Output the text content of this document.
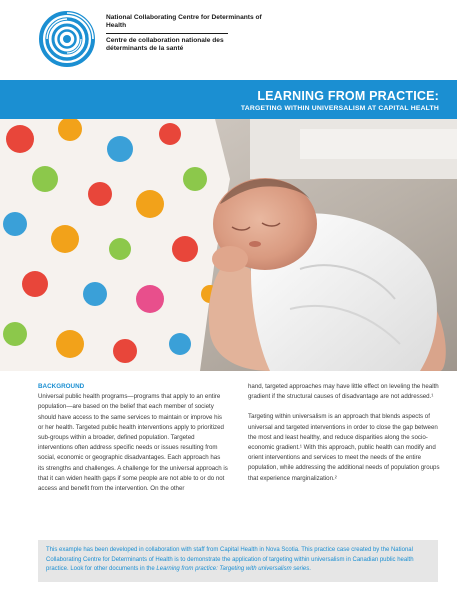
National Collaborating Centre for Determinants of Health
Centre de collaboration nationale des déterminants de la santé
LEARNING FROM PRACTICE:
TARGETING WITHIN UNIVERSALISM AT CAPITAL HEALTH
BACKGROUND

Universal public health programs—programs that apply to an entire population—are based on the belief that each member of society should have access to the same services to maintain or improve his or her health. Targeted public health interventions apply to prioritized sub-groups within a broader, defined population. Targeted interventions often address specific needs or issues resulting from social, economic or geographic disadvantages. Each approach has its strengths and challenges. A challenge for the universal approach is that it can widen health gaps if some people are not able to or do not access and benefit from the intervention. On the other

hand, targeted approaches may have little effect on leveling the health gradient if the structural causes of disadvantage are not addressed.¹

Targeting within universalism is an approach that blends aspects of universal and targeted interventions in order to close the gap between the most and least healthy, and reduce disparities along the socio-economic gradient.¹ With this approach, public health can modify and orient interventions and services to meet the needs of the entire population, while addressing the additional needs of population groups that experience marginalization.²

This example has been developed in collaboration with staff from Capital Health in Nova Scotia. This practice case created by the National Collaborating Centre for Determinants of Health is to demonstrate the application of targeting within universalism in Canadian public health practice. Look for other documents in the Learning from practice: Targeting with universalism series.
